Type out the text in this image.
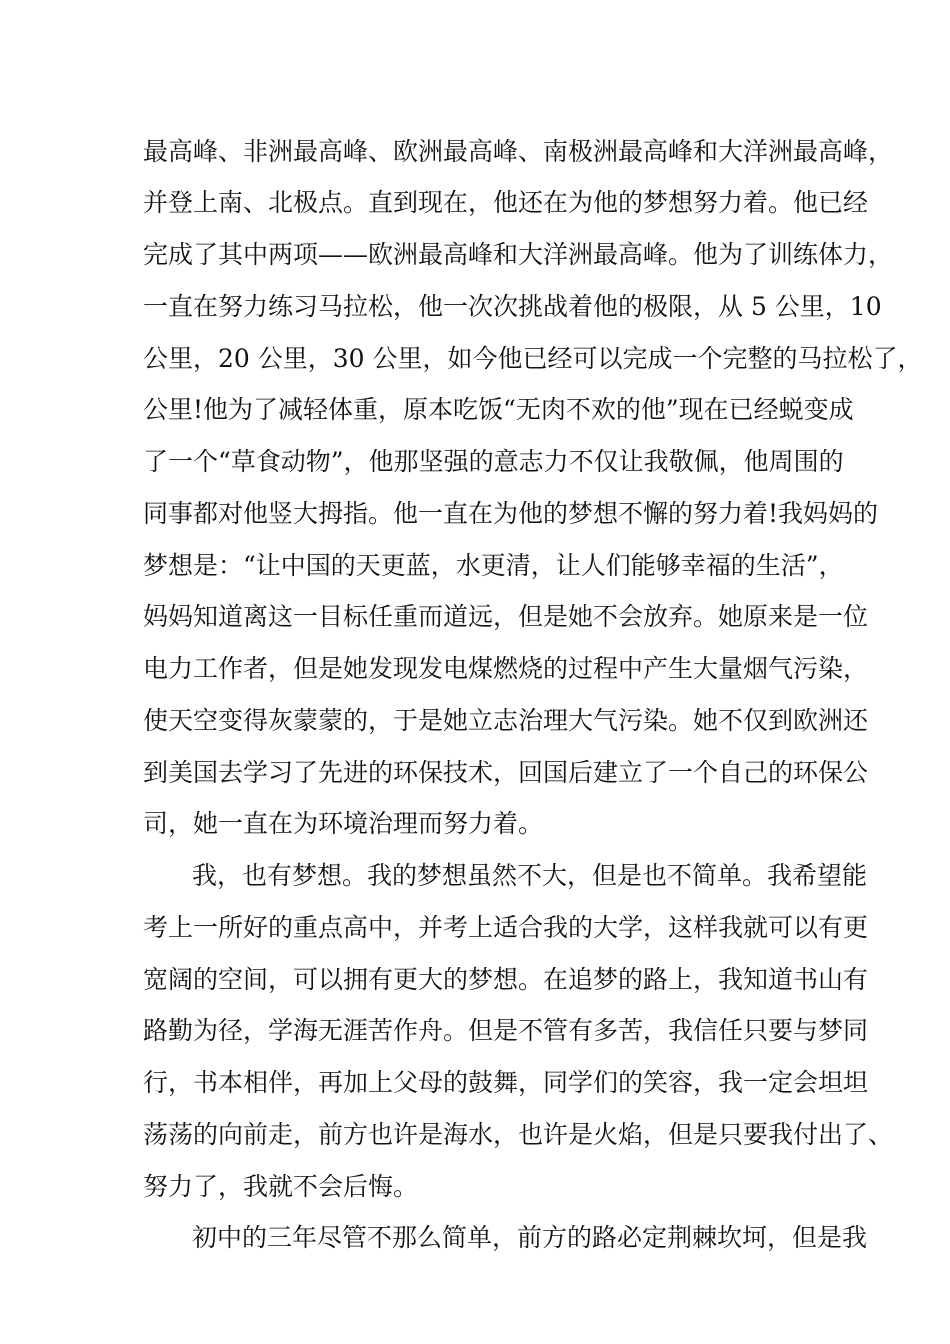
最高峰、非洲最高峰、欧洲最高峰、南极洲最高峰和大洋洲最高峰，
并登上南、北极点。直到现在，他还在为他的梦想努力着。他已经
完成了其中两项——欧洲最高峰和大洋洲最高峰。他为了训练体力，
一直在努力练习马拉松，他一次次挑战着他的极限，从 5 公里，10
公里，20 公里，30 公里，如今他已经可以完成一个完整的马拉松了，
公里!他为了减轻体重，原本吃饭“无肉不欢的他”现在已经蜕变成
了一个“草食动物”，他那坚强的意志力不仅让我敬佩，他周围的
同事都对他竖大拇指。他一直在为他的梦想不懈的努力着!我妈妈的
梦想是：“让中国的天更蓝，水更清，让人们能够幸福的生活”，
妈妈知道离这一目标任重而道远，但是她不会放弃。她原来是一位
电力工作者，但是她发现发电煤燃烧的过程中产生大量烟气污染，
使天空变得灰蒙蒙的，于是她立志治理大气污染。她不仅到欧洲还
到美国去学习了先进的环保技术，回国后建立了一个自己的环保公
司，她一直在为环境治理而努力着。
我，也有梦想。我的梦想虽然不大，但是也不简单。我希望能
考上一所好的重点高中，并考上适合我的大学，这样我就可以有更
宽阔的空间，可以拥有更大的梦想。在追梦的路上，我知道书山有
路勤为径，学海无涯苦作舟。但是不管有多苦，我信任只要与梦同
行，书本相伴，再加上父母的鼓舞，同学们的笑容，我一定会坦坦
荡荡的向前走，前方也许是海水，也许是火焰，但是只要我付出了、
努力了，我就不会后悔。
初中的三年尽管不那么简单，前方的路必定荆棘坎坷，但是我
